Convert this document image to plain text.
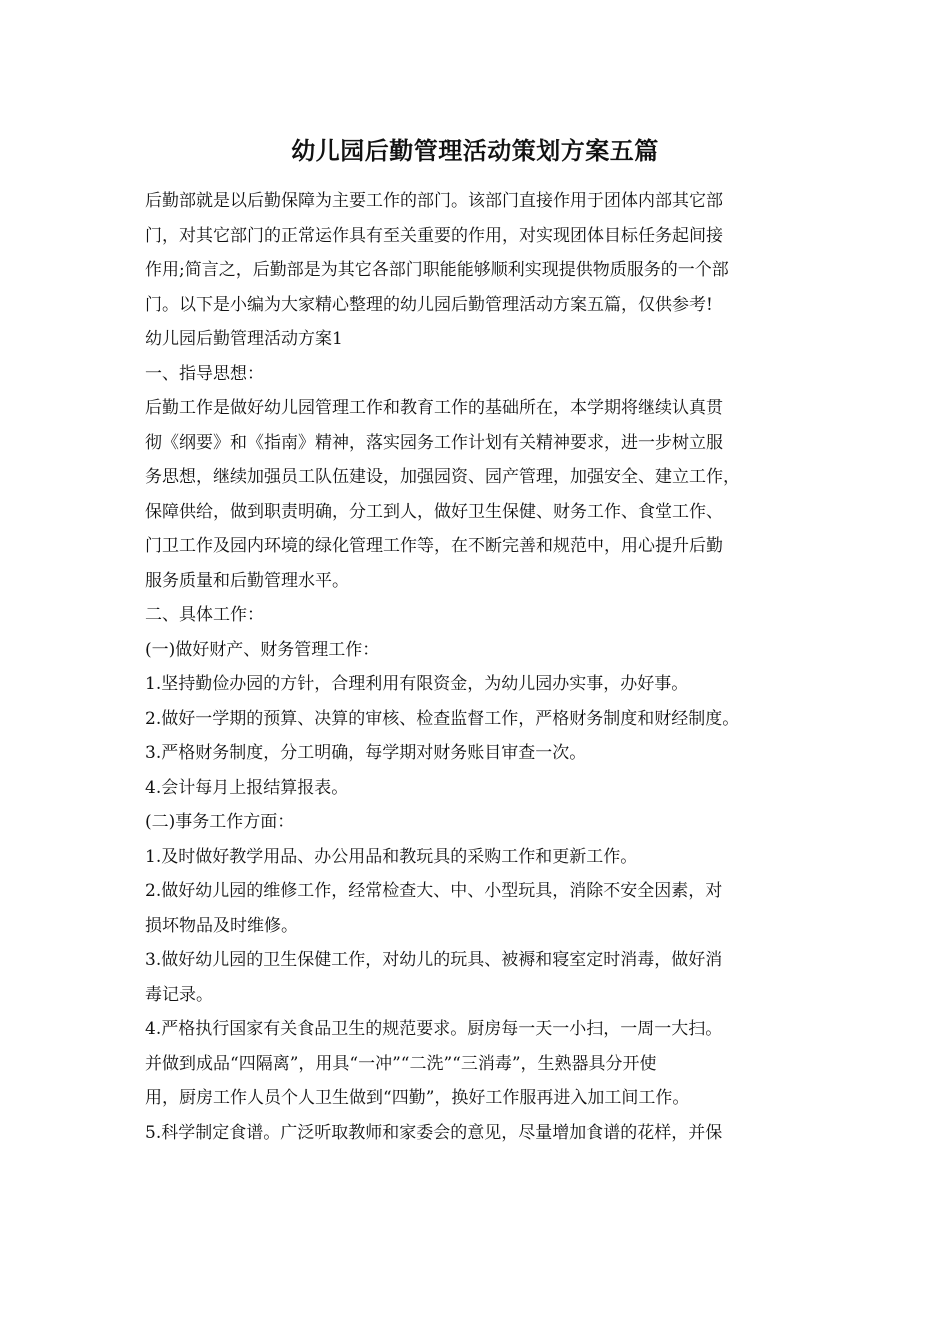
幼儿园后勤管理活动策划方案五篇

后勤部就是以后勤保障为主要工作的部门。该部门直接作用于团体内部其它部

门，对其它部门的正常运作具有至关重要的作用，对实现团体目标任务起间接

作用;简言之，后勤部是为其它各部门职能能够顺利实现提供物质服务的一个部

门。以下是小编为大家精心整理的幼儿园后勤管理活动方案五篇，仅供参考!

幼儿园后勤管理活动方案1

一、指导思想：

后勤工作是做好幼儿园管理工作和教育工作的基础所在，本学期将继续认真贯

彻《纲要》和《指南》精神，落实园务工作计划有关精神要求，进一步树立服

务思想，继续加强员工队伍建设，加强园资、园产管理，加强安全、建立工作，

保障供给，做到职责明确，分工到人，做好卫生保健、财务工作、食堂工作、

门卫工作及园内环境的绿化管理工作等，在不断完善和规范中，用心提升后勤

服务质量和后勤管理水平。

二、具体工作：

(一)做好财产、财务管理工作：

1.坚持勤俭办园的方针，合理利用有限资金，为幼儿园办实事，办好事。

2.做好一学期的预算、决算的审核、检查监督工作，严格财务制度和财经制度。

3.严格财务制度，分工明确，每学期对财务账目审查一次。

4.会计每月上报结算报表。

(二)事务工作方面：

1.及时做好教学用品、办公用品和教玩具的采购工作和更新工作。

2.做好幼儿园的维修工作，经常检查大、中、小型玩具，消除不安全因素，对

损坏物品及时维修。

3.做好幼儿园的卫生保健工作，对幼儿的玩具、被褥和寝室定时消毒，做好消

毒记录。

4.严格执行国家有关食品卫生的规范要求。厨房每一天一小扫，一周一大扫。

并做到成品“四隔离”，用具“一冲”“二洗”“三消毒”，生熟器具分开使

用，厨房工作人员个人卫生做到“四勤”，换好工作服再进入加工间工作。

5.科学制定食谱。广泛听取教师和家委会的意见，尽量增加食谱的花样，并保
